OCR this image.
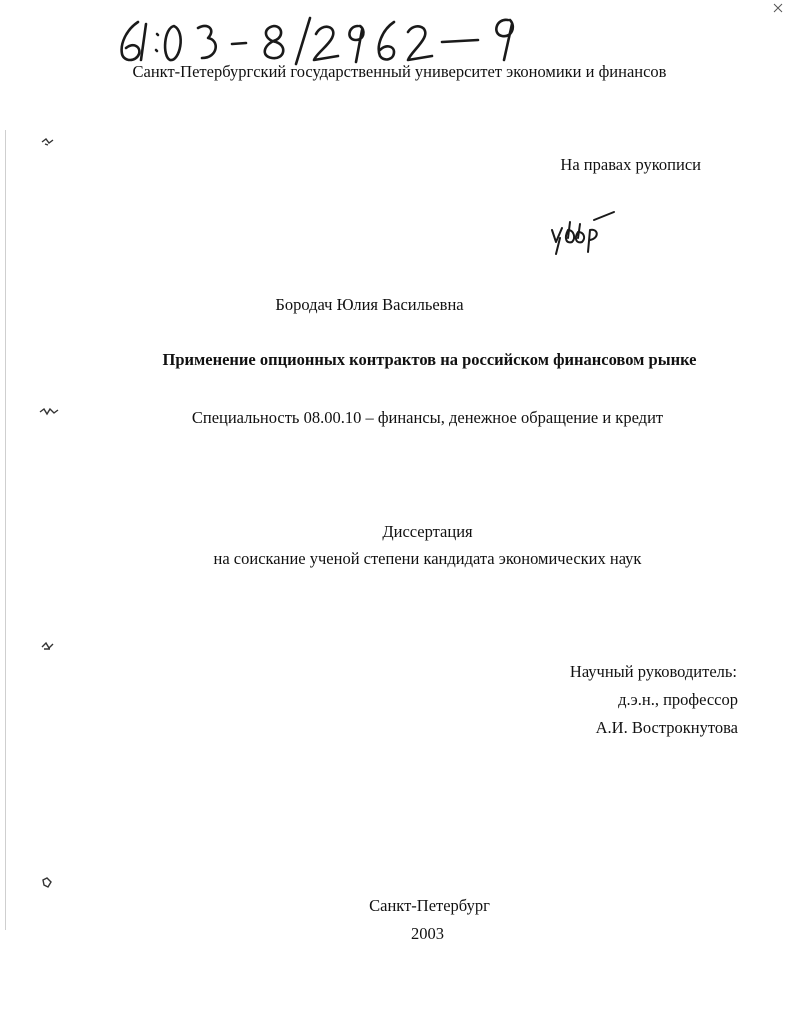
Санкт-Петербургский государственный университет экономики и финансов
На правах рукописи
Бородач Юлия Васильевна
Применение опционных контрактов на российском финансовом рынке
Специальность 08.00.10 – финансы, денежное обращение и кредит
Диссертация
на соискание ученой степени кандидата экономических наук
Научный руководитель:
д.э.н., профессор
А.И. Вострокнутова
Санкт-Петербург
2003
